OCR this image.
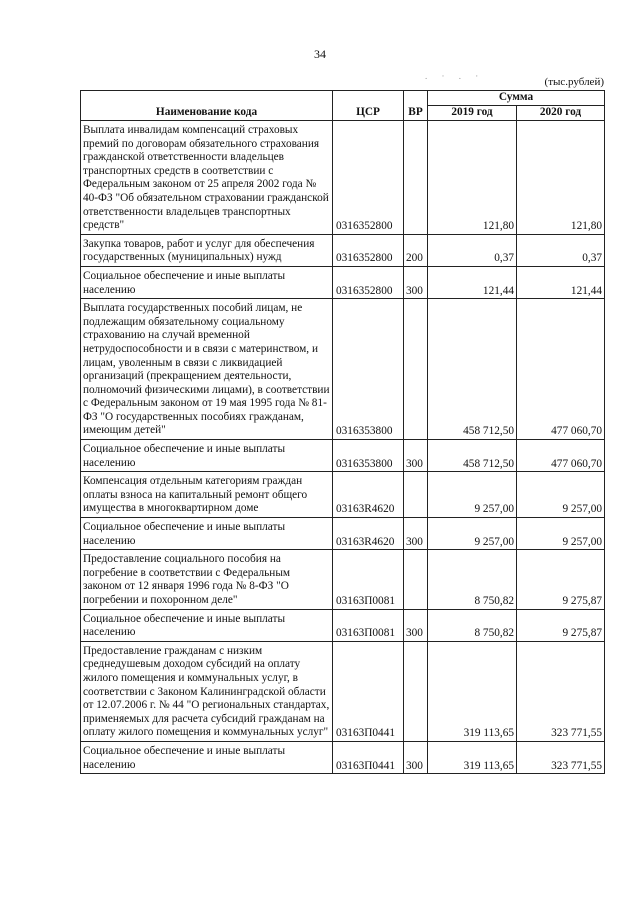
34
. · . ·	(тыс.рублей)
Наименование кода	ЦСР	ВР	Сумма	
			2019 год	2020 год

Выплата инвалидам компенсаций страховых премий по договорам обязательного страхования гражданской ответственности владельцев транспортных средств в соответствии с Федеральным законом от 25 апреля 2002 года № 40-ФЗ "Об обязательном страховании гражданской ответственности владельцев транспортных средств"	0316352800		121,80	121,80

Закупка товаров, работ и услуг для обеспечения государственных (муниципальных) нужд	0316352800	200	0,37	0,37

Социальное обеспечение и иные выплаты населению	0316352800	300	121,44	121,44

Выплата государственных пособий лицам, не подлежащим обязательному социальному страхованию на случай временной нетрудоспособности и в связи с материнством, и лицам, уволенным в связи с ликвидацией организаций (прекращением деятельности, полномочий физическими лицами), в соответствии с Федеральным законом от 19 мая 1995 года № 81-ФЗ "О государственных пособиях гражданам, имеющим детей"	0316353800		458 712,50	477 060,70

Социальное обеспечение и иные выплаты населению	0316353800	300	458 712,50	477 060,70

Компенсация отдельным категориям граждан оплаты взноса на капитальный ремонт общего имущества в многоквартирном доме	03163R4620		9 257,00	9 257,00

Социальное обеспечение и иные выплаты населению	03163R4620	300	9 257,00	9 257,00

Предоставление социального пособия на погребение в соответствии с Федеральным законом от 12 января 1996 года № 8-ФЗ "О погребении и похоронном деле"	03163П0081		8 750,82	9 275,87

Социальное обеспечение и иные выплаты населению	03163П0081	300	8 750,82	9 275,87

Предоставление гражданам с низким среднедушевым доходом субсидий на оплату жилого помещения и коммунальных услуг, в соответствии с Законом Калининградской области от 12.07.2006 г. № 44 "О региональных стандартах, применяемых для расчета субсидий гражданам на оплату жилого помещения и коммунальных услуг"	03163П0441		319 113,65	323 771,55

Социальное обеспечение и иные выплаты населению	03163П0441	300	319 113,65	323 771,55
